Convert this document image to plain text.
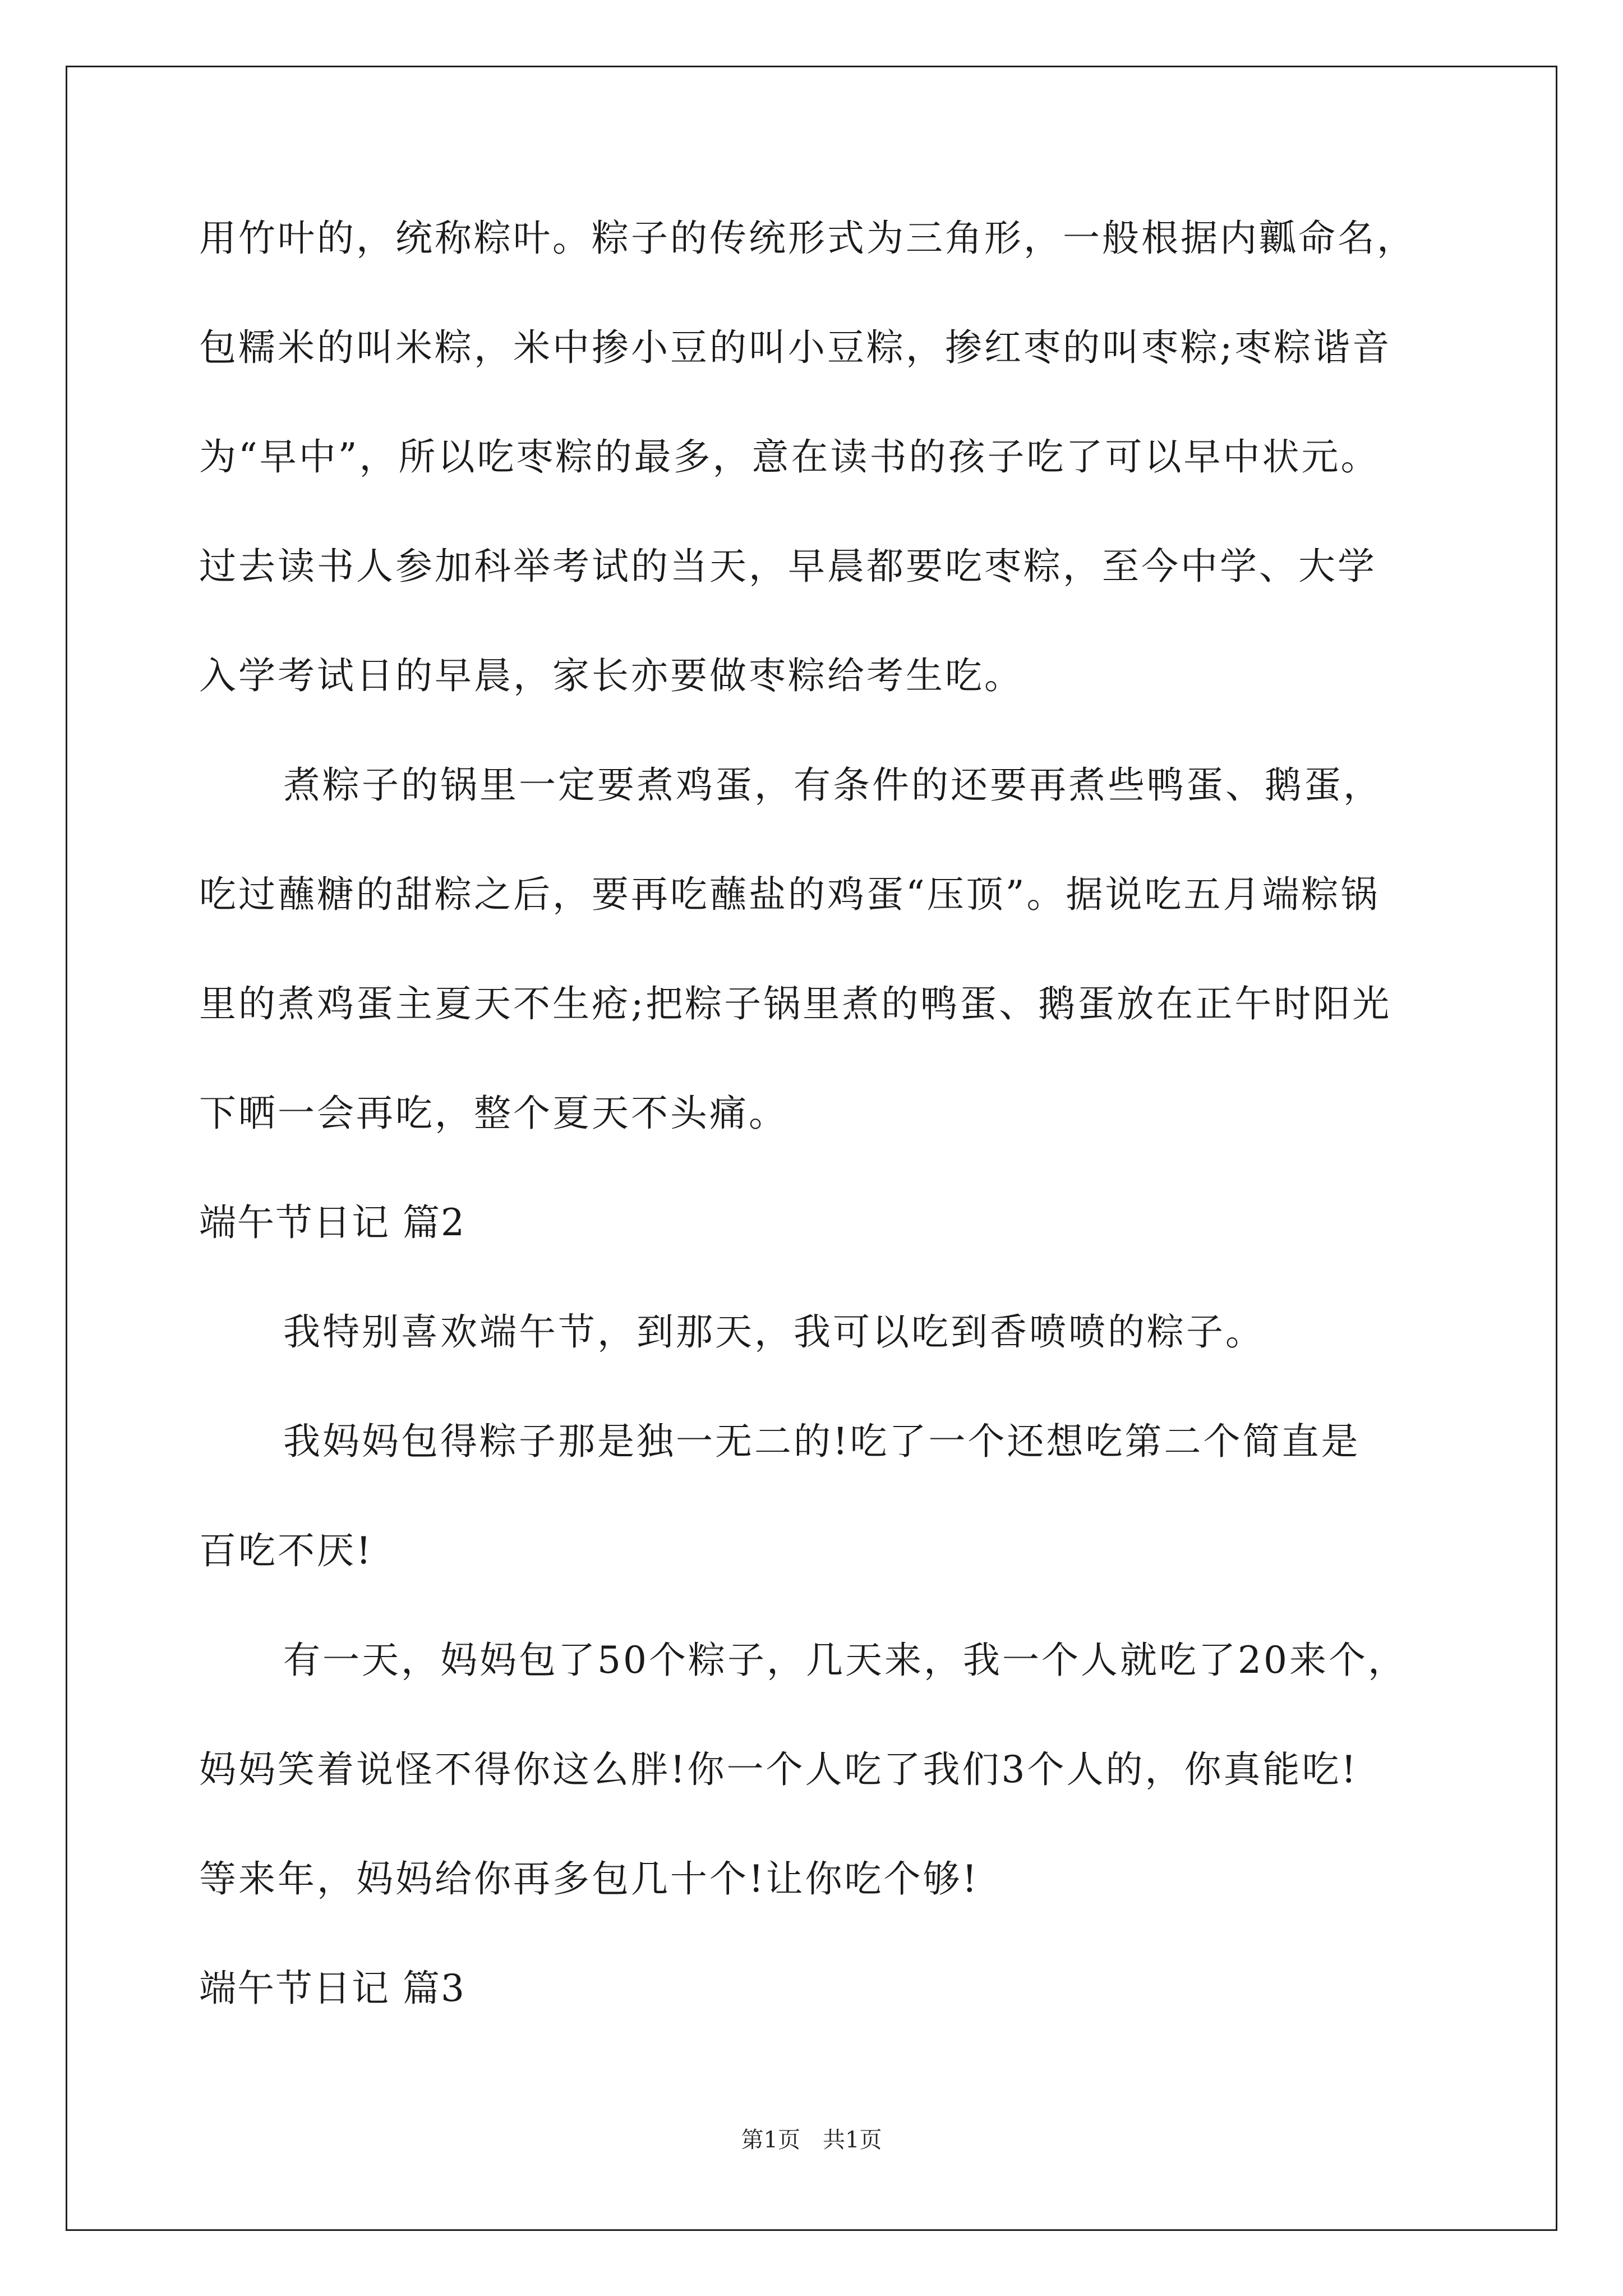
用竹叶的，统称粽叶。粽子的传统形式为三角形，一般根据内瓤命名，
包糯米的叫米粽，米中掺小豆的叫小豆粽，掺红枣的叫枣粽;枣粽谐音
为“早中”，所以吃枣粽的最多，意在读书的孩子吃了可以早中状元。
过去读书人参加科举考试的当天，早晨都要吃枣粽，至今中学、大学
入学考试日的早晨，家长亦要做枣粽给考生吃。
煮粽子的锅里一定要煮鸡蛋，有条件的还要再煮些鸭蛋、鹅蛋，
吃过蘸糖的甜粽之后，要再吃蘸盐的鸡蛋“压顶”。据说吃五月端粽锅
里的煮鸡蛋主夏天不生疮;把粽子锅里煮的鸭蛋、鹅蛋放在正午时阳光
下晒一会再吃，整个夏天不头痛。
端午节日记 篇2
我特别喜欢端午节，到那天，我可以吃到香喷喷的粽子。
我妈妈包得粽子那是独一无二的!吃了一个还想吃第二个简直是
百吃不厌!
有一天，妈妈包了50个粽子，几天来，我一个人就吃了20来个，
妈妈笑着说怪不得你这么胖!你一个人吃了我们3个人的，你真能吃!
等来年，妈妈给你再多包几十个!让你吃个够!
端午节日记 篇3
第1页　共1页
